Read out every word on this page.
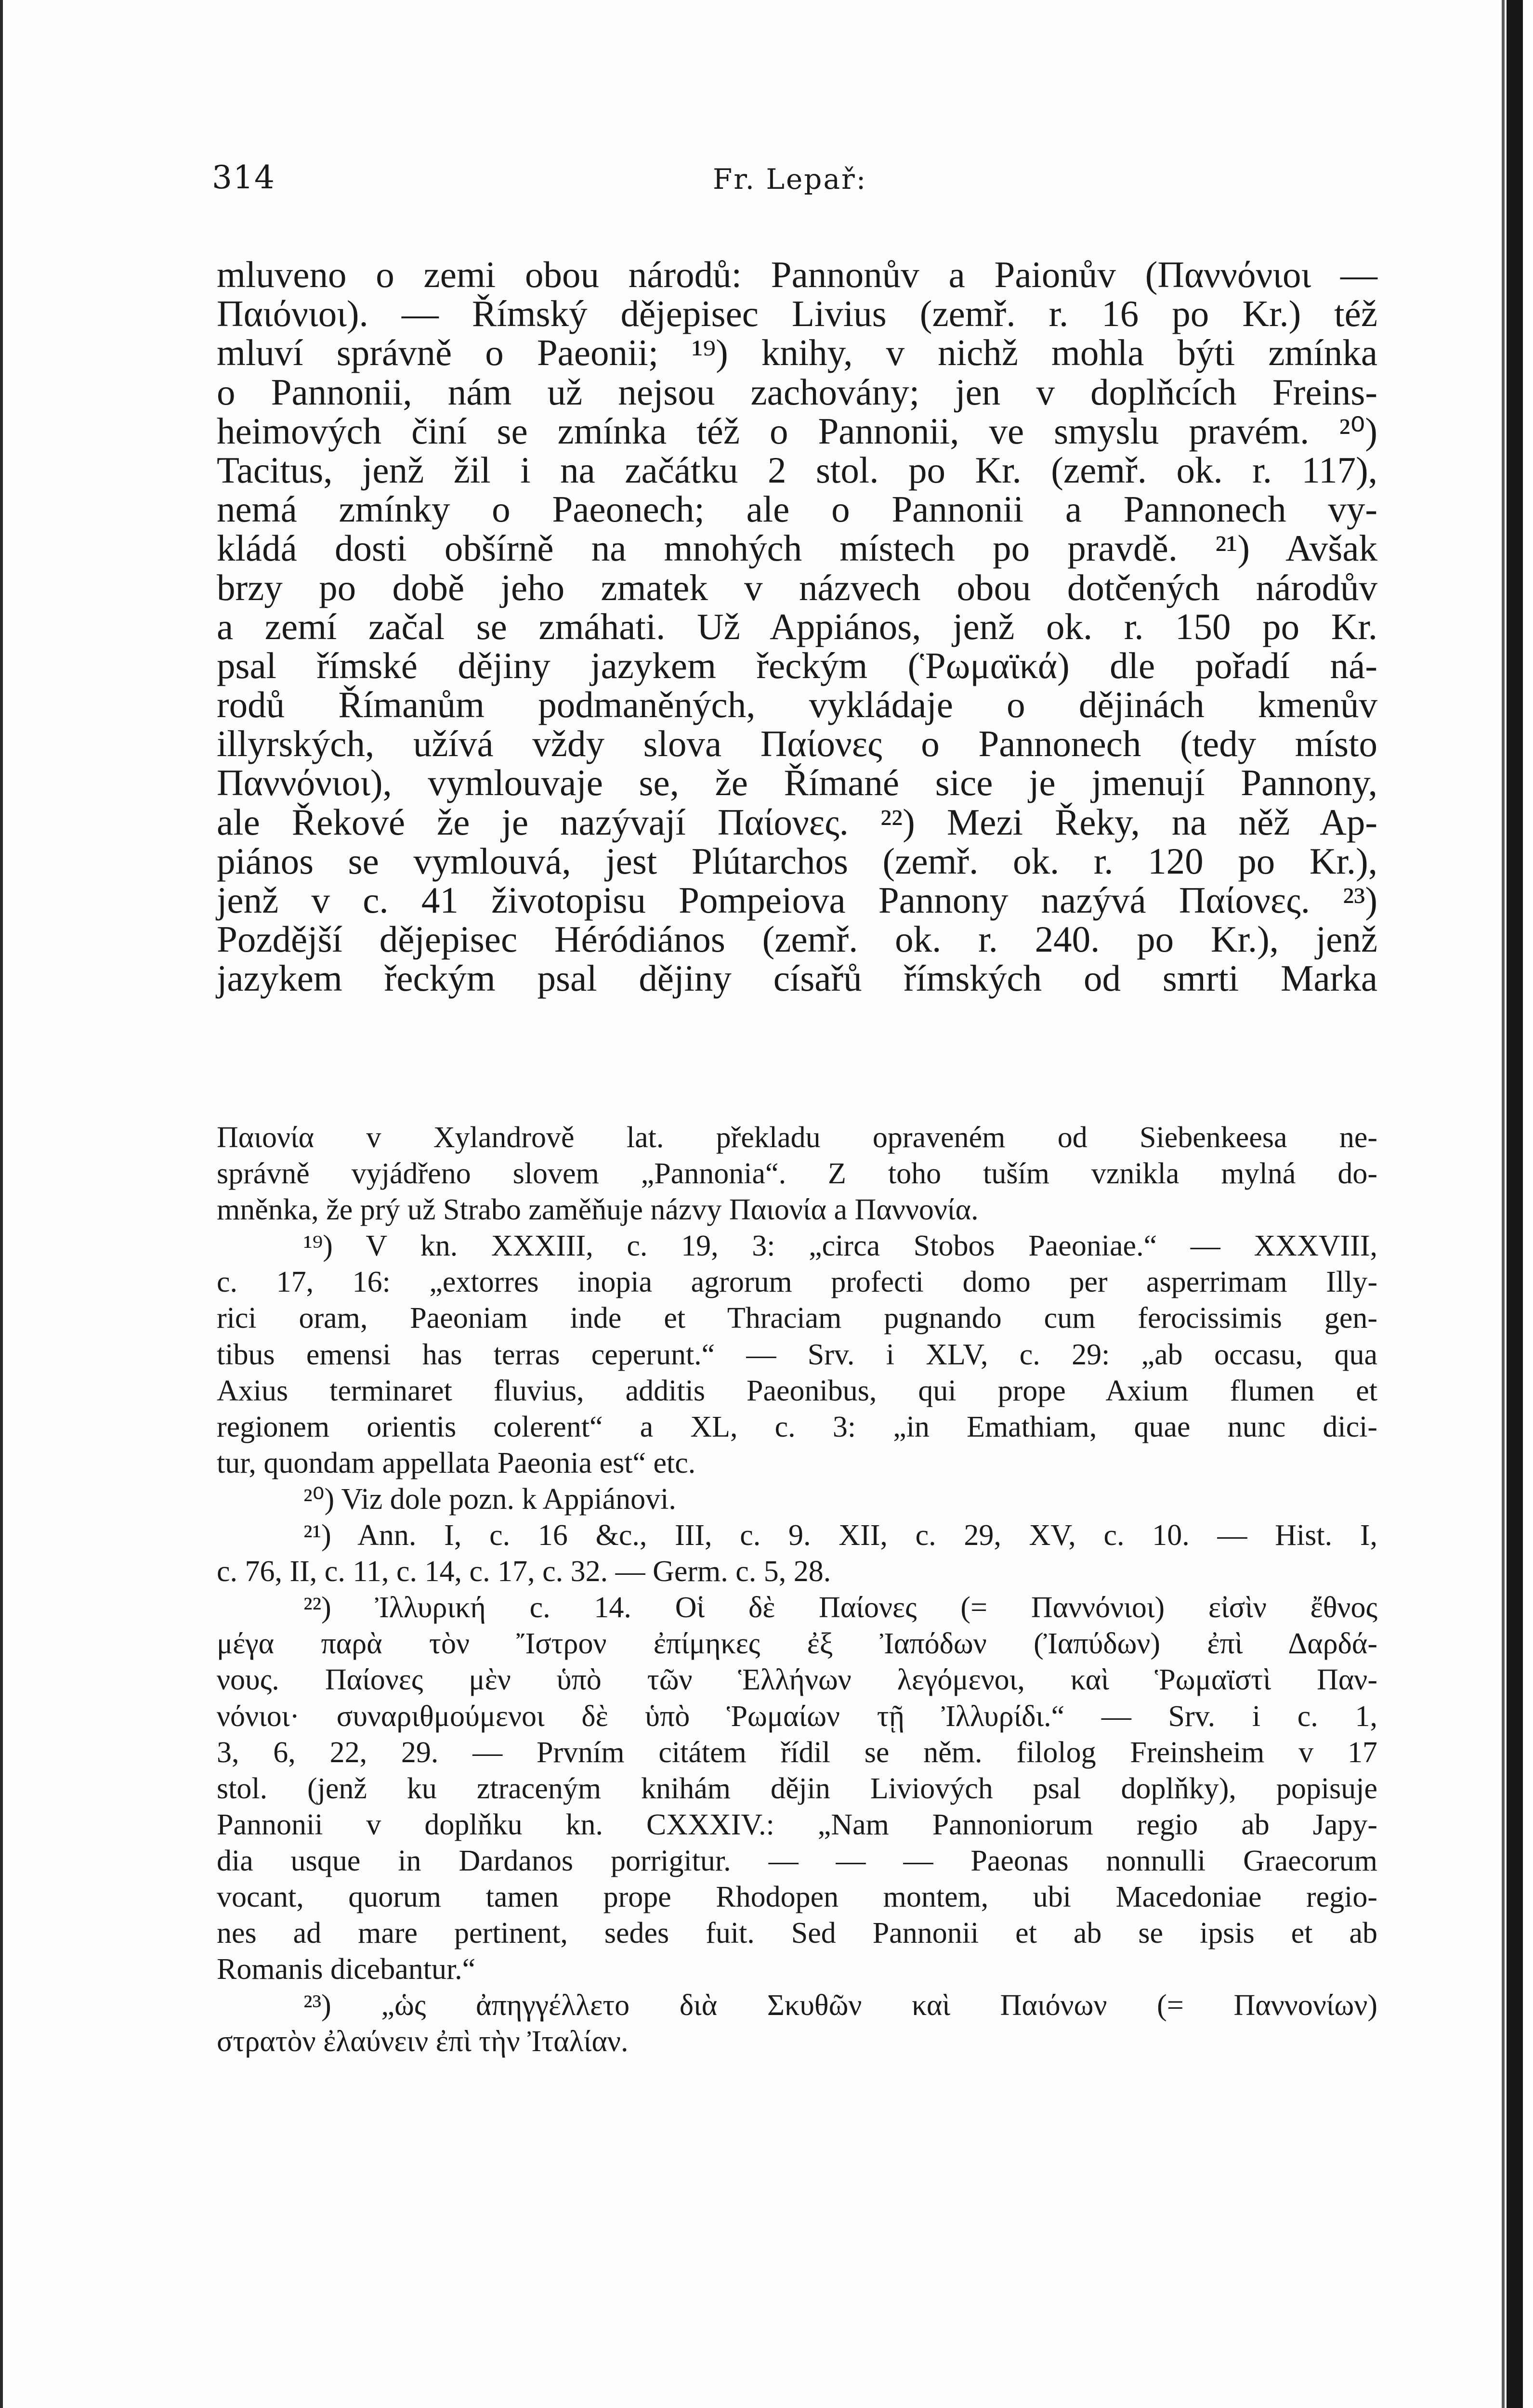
314	Fr. Lepař:
mluveno o zemi obou národů: Pannonův a Paionův (Παννόνιοι —
Παιόνιοι). — Římský dějepisec Livius (zemř. r. 16 po Kr.) též
mluví správně o Paeonii; ¹⁹) knihy, v nichž mohla býti zmínka
o Pannonii, nám už nejsou zachovány; jen v doplňcích Freins-
heimových činí se zmínka též o Pannonii, ve smyslu pravém. ²⁰)
Tacitus, jenž žil i na začátku 2 stol. po Kr. (zemř. ok. r. 117),
nemá zmínky o Paeonech; ale o Pannonii a Pannonech vy-
kládá dosti obšírně na mnohých místech po pravdě. ²¹) Avšak
brzy po době jeho zmatek v názvech obou dotčených národův
a zemí začal se zmáhati. Už Appiános, jenž ok. r. 150 po Kr.
psal římské dějiny jazykem řeckým (Ῥωμαϊκά) dle pořadí ná-
rodů Římanům podmaněných, vykládaje o dějinách kmenův
illyrských, užívá vždy slova Παίονες o Pannonech (tedy místo
Παννόνιοι), vymlouvaje se, že Římané sice je jmenují Pannony,
ale Řekové že je nazývají Παίονες. ²²) Mezi Řeky, na něž Ap-
piános se vymlouvá, jest Plútarchos (zemř. ok. r. 120 po Kr.),
jenž v c. 41 životopisu Pompeiova Pannony nazývá Παίονες. ²³)
Pozdější dějepisec Héródiános (zemř. ok. r. 240. po Kr.), jenž
jazykem řeckým psal dějiny císařů římských od smrti Marka
Παιονία v Xylandrově lat. překladu opraveném od Siebenkeesa ne-
správně vyjádřeno slovem „Pannonia“. Z toho tuším vznikla mylná do-
mněnka, že prý už Strabo zaměňuje názvy Παιονία a Παννονία.
¹⁹) V kn. XXXIII, c. 19, 3: „circa Stobos Paeoniae.“ — XXXVIII,
c. 17, 16: „extorres inopia agrorum profecti domo per asperrimam Illy-
rici oram, Paeoniam inde et Thraciam pugnando cum ferocissimis gen-
tibus emensi has terras ceperunt.“ — Srv. i XLV, c. 29: „ab occasu, qua
Axius terminaret fluvius, additis Paeonibus, qui prope Axium flumen et
regionem orientis colerent“ a XL, c. 3: „in Emathiam, quae nunc dici-
tur, quondam appellata Paeonia est“ etc.
²⁰) Viz dole pozn. k Appiánovi.
²¹) Ann. I, c. 16 &c., III, c. 9. XII, c. 29, XV, c. 10. — Hist. I,
c. 76, II, c. 11, c. 14, c. 17, c. 32. — Germ. c. 5, 28.
²²) Ἰλλυρική c. 14. Οἱ δὲ Παίονες (= Παννόνιοι) εἰσὶν ἔθνος
μέγα παρὰ τὸν Ἴστρον ἐπίμηκες ἐξ Ἰαπόδων (Ἰαπύδων) ἐπὶ Δαρδά-
νους. Παίονες μὲν ὑπὸ τῶν Ἑλλήνων λεγόμενοι, καὶ Ῥωμαϊστὶ Παν-
νόνιοι· συναριθμούμενοι δὲ ὑπὸ Ῥωμαίων τῇ Ἰλλυρίδι.“ — Srv. i c. 1,
3, 6, 22, 29. — Prvním citátem řídil se něm. filolog Freinsheim v 17
stol. (jenž ku ztraceným knihám dějin Liviových psal doplňky), popisuje
Pannonii v doplňku kn. CXXXIV.: „Nam Pannoniorum regio ab Japy-
dia usque in Dardanos porrigitur. — — — Paeonas nonnulli Graecorum
vocant, quorum tamen prope Rhodopen montem, ubi Macedoniae regio-
nes ad mare pertinent, sedes fuit. Sed Pannonii et ab se ipsis et ab
Romanis dicebantur.“
²³) „ὡς ἀπηγγέλλετο διὰ Σκυθῶν καὶ Παιόνων (= Παννονίων)
στρατὸν ἐλαύνειν ἐπὶ τὴν Ἰταλίαν.
